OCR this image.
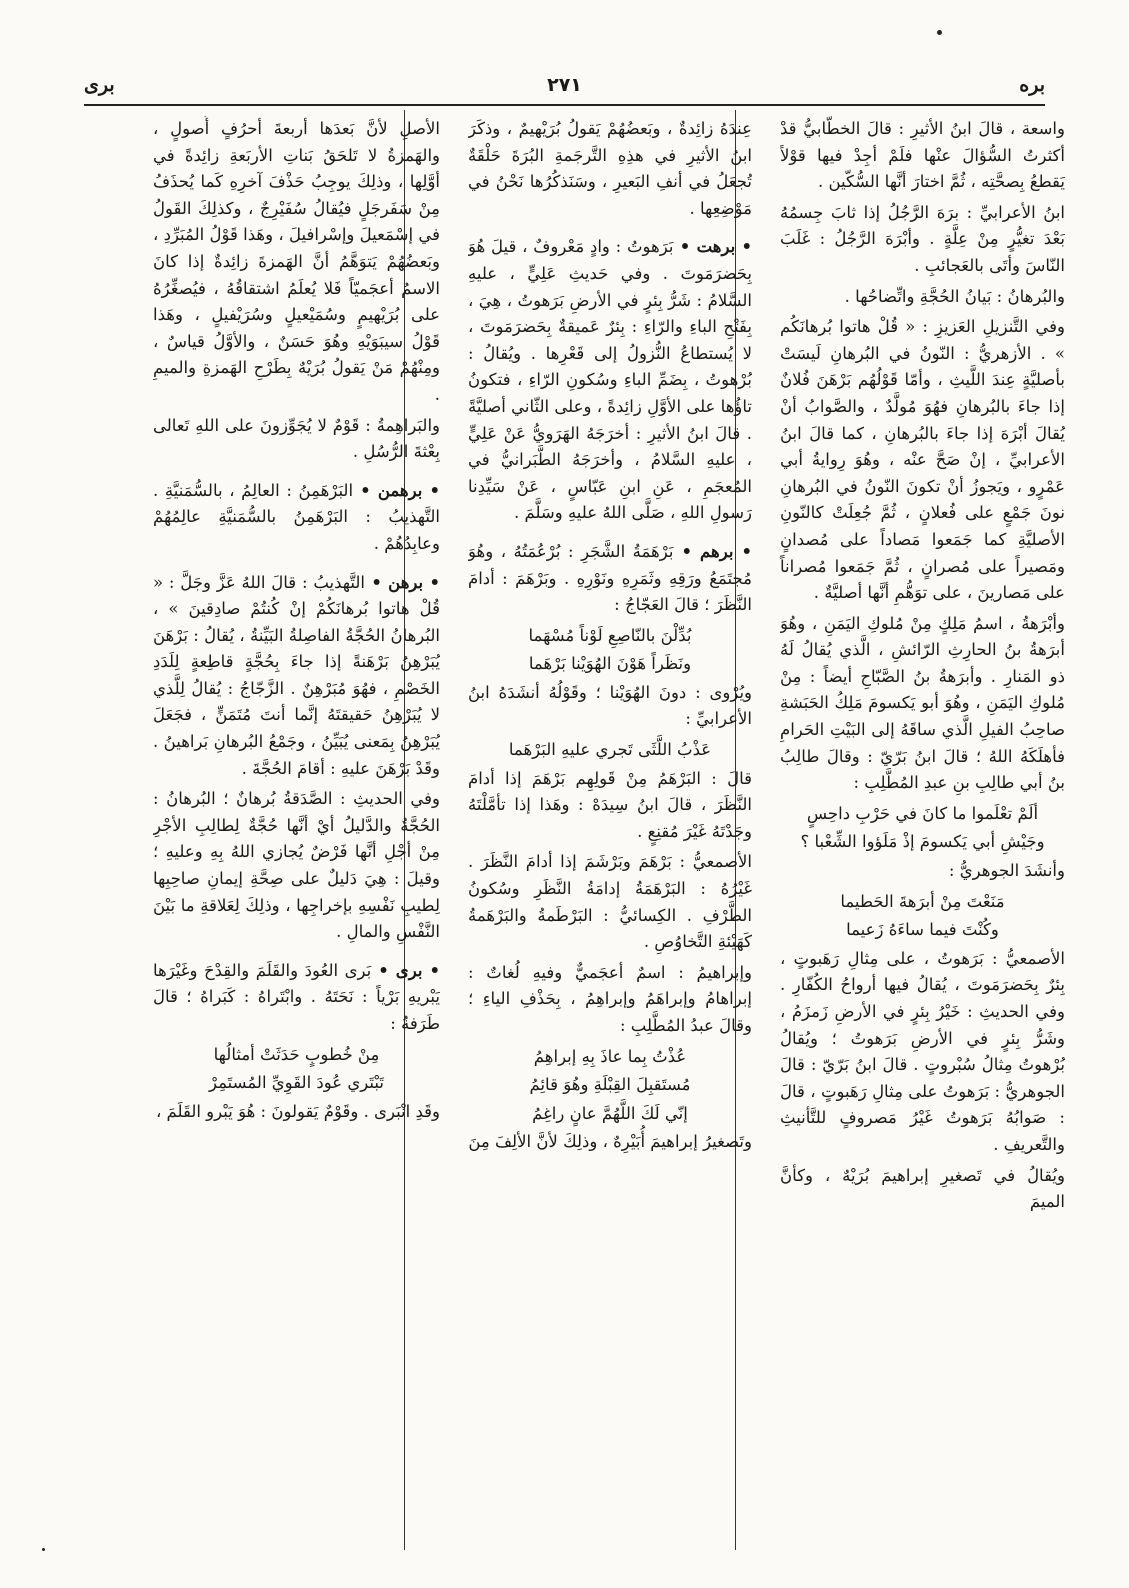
بره
٢٧١
برى

واسعة ، قالَ ابنُ الأثيرِ : قالَ الخطّابيُّ قدْ أكثرتُ السُّؤالَ عنْها فلَمْ أجِدْ فيها قوْلاً يَقطعُ بِصحَّتِه ، ثُمَّ اختارَ أنَّها السُّكّين .

ابنُ الأعرابيِّ : برَهَ الرَّجُلُ إذا ثابَ جِسمُهُ بَعْدَ تغيُّرٍ مِنْ عِلَّةٍ . وأبْرَهَ الرَّجُلُ : غَلَبَ النّاسَ وأتَى بالعَجائبِ .

والبُرهانُ : بَيانُ الحُجَّةِ واتِّضاحُها .

وفي التَّنزيلِ العَزيزِ : « قُلْ هاتوا بُرهانَكُم » . الأزهريُّ : النّونُ في البُرهانِ لَيسَتْ بأصليَّةٍ عِندَ اللَّيثِ ، وأمّا قَوْلُهُم بَرْهَنَ فُلانٌ إذا جاءَ بالبُرهانِ فهُوَ مُولَّدٌ ، والصَّوابُ أنْ يُقالَ أبْرَهَ إذا جاءَ بالبُرهانِ ، كما قالَ ابنُ الأعرابيِّ ، إنْ صَحَّ عنْه ، وهُوَ رِوايةُ أبي عَمْرٍو ، ويَجوزُ أنْ تكونَ النّونُ في البُرهانِ نونَ جَمْعٍ على فُعلانٍ ، ثُمَّ جُعِلَتْ كالنّونِ الأصليَّةِ كما جَمَعوا مَصاداً على مُصدانٍ ومَصيراً على مُصرانٍ ، ثُمَّ جَمَعوا مُصراناً على مَصارينَ ، على توَهُّمِ أنَّها أصليَّةٌ .

وأبْرَهةُ ، اسمُ مَلِكٍ مِنْ مُلوكِ اليَمَنِ ، وهُوَ أبرَهةُ بنُ الحارِثِ الرّائشِ ، الَّذي يُقالُ لَهُ ذو المَنارِ . وأبرَهةُ بنُ الصَّبّاحِ أيضاً : مِنْ مُلوكِ اليَمَنِ ، وهُوَ أبو يَكسومَ مَلِكُ الحَبَشةِ صاحِبُ الفيلِ الَّذي ساقَهُ إلى البَيْتِ الحَرامِ فأهلَكَهُ اللهُ ؛ قالَ ابنُ بَرّيّ : وقالَ طالِبُ بنُ أبي طالِبِ بنِ عبدِ المُطَّلِبِ :

ألَمْ تعْلَموا ما كانَ في حَرْبِ داحِسٍ

وجَيْشِ أبي يَكسومَ إذْ مَلَؤوا الشِّعْبا ؟

وأنشَدَ الجوهريُّ :

مَنَعْتَ مِنْ أبرَهةَ الحَطيما

وكُنْتَ فيما ساءَهُ زَعيما

الأصمعيُّ : بَرَهوتُ ، على مِثالِ رَهَبوتٍ ، بِئرٌ بِحَضرَمَوتَ ، يُقالُ فيها أرواحُ الكُفّارِ . وفي الحديثِ : خَيْرُ بِئرٍ في الأرضِ زَمزَمُ ، وشَرُّ بِئرٍ في الأرضِ بَرَهوتُ ؛ ويُقالُ بُرْهوتُ مِثالُ سُبْروتٍ . قالَ ابنُ بَرّيّ : قالَ الجوهريُّ : بَرَهوتُ على مِثالِ رَهَبوتٍ ، قالَ : صَوابُهُ بَرَهوتُ غَيْرُ مَصروفٍ للتَّأنيثِ والتَّعريفِ .

ويُقالُ في تَصغيرِ إبراهيمَ بُرَيْهٌ ، وكأنَّ الميمَ

عِندَهُ زائِدةٌ ، وبَعضُهُمْ يَقولُ بُرَيْهيمٌ ، وذكَرَ ابنُ الأثيرِ في هذِهِ التَّرجَمةِ البُرَةَ حَلْقَةٌ تُجعَلُ في أنفِ البَعيرِ ، وسَنَذكُرُها نَحْنُ في مَوْضِعِها .

• برهت • بَرَهوتُ : وادٍ مَعْروفٌ ، قيلَ هُوَ بِحَضرَمَوتَ . وفي حَديثِ عَلِيٍّ ، عليهِ السَّلامُ : شَرُّ بِئرٍ في الأرضِ بَرَهوتُ ، هِيَ ، بِفَتْحِ الباءِ والرّاءِ : بِئرٌ عَميقةٌ بِحَضرَمَوتَ ، لا يُستطاعُ النُّزولُ إلى قَعْرِها . ويُقالُ : بُرْهوتُ ، بِضَمِّ الباءِ وسُكونِ الرّاءِ ، فتكونُ تاؤُها على الأوَّلِ زائِدةً ، وعلى الثّاني أصليَّةً . قالَ ابنُ الأثيرِ : أخرَجَهُ الهَرَويُّ عَنْ عَلِيٍّ ، عليهِ السَّلامُ ، وأخرَجَهُ الطَّبَرانيُّ في المُعجَمِ ، عَنِ ابنِ عَبّاسٍ ، عَنْ سَيِّدِنا رَسولِ اللهِ ، صَلَّى اللهُ عليهِ وسَلَّمَ .

• برهم • بَرْهَمَةُ الشَّجَرِ : بُرْعُمَتُهُ ، وهُوَ مُجتَمَعُ ورَقِهِ وثَمَرِهِ ونَوْرِهِ . وبَرْهَمَ : أدامَ النَّظَرَ ؛ قالَ العَجّاجُ :

بُدِّلْنَ بالنّاصِعِ لَوْناً مُسْهَما

ونَظَراً هَوْنَ الهُوَيْنا بَرْهَما

ويُرْوى : دونَ الهُوَيْنا ؛ وقَوْلُهُ أنشَدَهُ ابنُ الأعرابيِّ :

عَذْبُ اللَّثَى تَجري عليهِ البَرْهَما

قالَ : البَرْهَمُ مِنْ قَولِهِم بَرْهَمَ إذا أدامَ النَّظَرَ ، قالَ ابنُ سِيدَهْ : وهَذا إذا تأمَّلْتَهُ وجَدْتَهُ غَيْرَ مُقنِعٍ .

الأصمعيُّ : بَرْهَمَ وبَرْشَمَ إذا أدامَ النَّظَرَ . غَيْرُهُ : البَرْهَمَةُ إدامَةُ النَّظَرِ وسُكونُ الطَّرْفِ . الكِسائيُّ : البَرْطَمةُ والبَرْهَمةُ كَهَيْئةِ التَّخاوُصِ .

وإبراهيمُ : اسمٌ أعجَميٌّ وفيهِ لُغاتٌ : إبراهامُ وإبراهَمُ وإبراهِمُ ، بِحَذْفِ الياءِ ؛ وقالَ عبدُ المُطَّلِبِ :

عُذْتُ بِما عاذَ بِهِ إبراهِمُ

مُستَقبِلَ القِبْلَةِ وهُوَ قائِمُ

إنّي لَكَ اللَّهُمَّ عانٍ راغِمُ

وتَصغيرُ إبراهيمَ أُبَيْرِهٌ ، وذلِكَ لأنَّ الألِفَ مِنَ

الأصلِ لأنَّ بَعدَها أربعةَ أحرُفٍ أُصولٍ ، والهَمزةُ لا تَلحَقُ بَناتِ الأربَعةِ زائِدةً في أوَّلِها ، وذلِكَ يوجِبُ حَذْفَ آخرِهِ كَما يُحذَفُ مِنْ سَفَرجَلٍ فيُقالُ سُفَيْرِجٌ ، وكذلِكَ القَولُ في إسْمَعيلَ وإسْرافيلَ ، وهَذا قَوْلُ المُبَرِّدِ ، وبَعضُهُمْ يَتوَهَّمُ أنَّ الهَمزةَ زائِدةٌ إذا كانَ الاسمُ أعجَميّاً فَلا يُعلَمُ اشتقاقُهُ ، فيُصغِّرُهُ على بُرَيْهيمٍ وسُمَيْعيلٍ وسُرَيْفيلٍ ، وهَذا قَوْلُ سيبَوَيْهِ وهُوَ حَسَنٌ ، والأوَّلُ قياسٌ ، ومِنْهُمْ مَنْ يَقولُ بُرَيْهٌ بِطَرْحِ الهَمزةِ والميمِ .

والبَراهِمةُ : قَوْمٌ لا يُجَوِّزونَ على اللهِ تَعالى بِعْثةَ الرُّسُلِ .

• برهمن • البَرْهَمِنُ : العالِمُ ، بالسُّمَنيَّةِ . التَّهذيبُ : البَرْهَمِنُ بالسُّمَنيَّةِ عالِمُهُمْ وعابِدُهُمْ .

• برهن • التَّهذيبُ : قالَ اللهُ عَزَّ وجَلَّ : « قُلْ هاتوا بُرهانَكُمْ إنْ كُنتُمْ صادِقينَ » ، البُرهانُ الحُجَّةُ الفاصِلةُ البَيِّنةُ ، يُقالُ : بَرْهَنَ يُبَرْهِنُ بَرْهَنةً إذا جاءَ بِحُجَّةٍ قاطِعةٍ لِلَدَدِ الخَصْمِ ، فهُوَ مُبَرْهِنٌ . الزَّجّاجُ : يُقالُ لِلَّذي لا يُبَرْهِنُ حَقيقتَهُ إنَّما أنتَ مُتَمَنٍّ ، فجَعَلَ يُبَرْهِنُ بِمَعنى يُبَيِّنُ ، وجَمْعُ البُرهانِ بَراهينُ . وقَدْ بَرْهَنَ عليهِ : أقامَ الحُجَّةَ .

وفي الحديثِ : الصَّدَقةُ بُرهانٌ ؛ البُرهانُ : الحُجَّةُ والدَّليلُ أيْ أنَّها حُجَّةٌ لِطالِبِ الأجْرِ مِنْ أجْلِ أنَّها فَرْضٌ يُجازي اللهُ بِهِ وعليهِ ؛ وقيلَ : هِيَ دَليلٌ على صِحَّةِ إيمانِ صاحِبِها لِطيبِ نَفْسِهِ بإخراجِها ، وذلِكَ لِعَلاقةِ ما بَيْنَ النَّفْسِ والمالِ .

• برى • بَرى العُودَ والقَلَمَ والقِدْحَ وغَيْرَها يَبْريهِ بَرْياً : نَحَتَهُ . وابْتَراهُ : كَبَراهُ ؛ قالَ طَرَفةُ :

مِنْ خُطوبٍ حَدَثَتْ أمثالُها

تَبْتَري عُودَ القَوِيِّ المُستَمِرْ

وقَدِ انْبَرى . وقَوْمٌ يَقولونَ : هُوَ يَبْرو القَلَمَ ،
